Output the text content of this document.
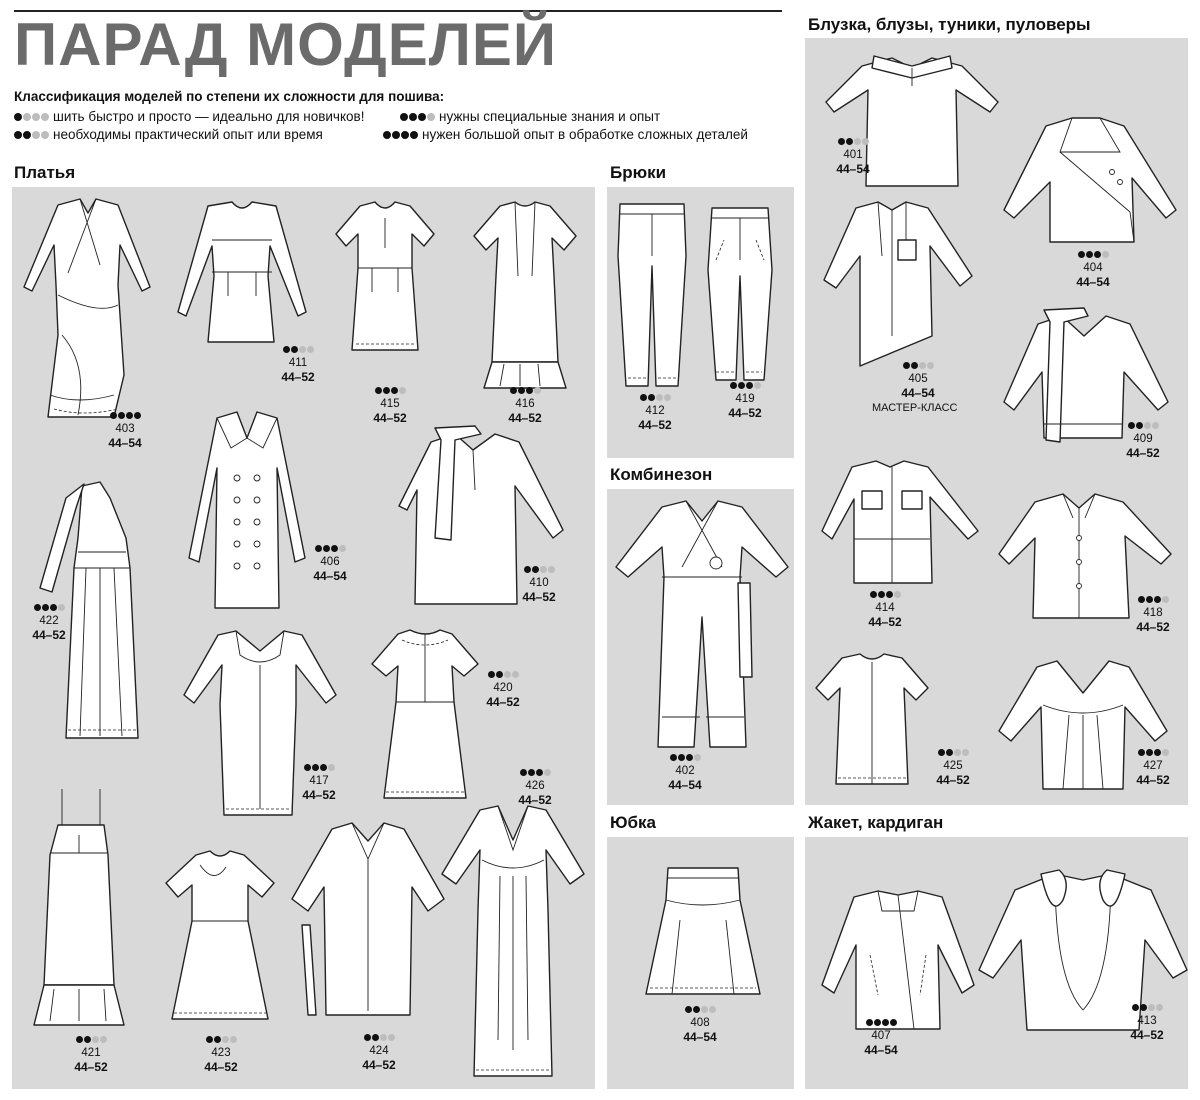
ПАРАД МОДЕЛЕЙ
Классификация моделей по степени их сложности для пошива:
шить быстро и просто — идеально для новичков!
необходимы практический опыт или время
нужны специальные знания и опыт
нужен большой опыт в обработке сложных деталей
Платья	Брюки
Комбинезон
Юбка
Блузка, блузы, туники, пуловеры
Жакет, кардиган
403
44–54
411
44–52
415
44–52
416
44–52
406
44–54	410
44–52
422
44–52
417
44–52
420
44–52
426
44–52
421
44–52
423
44–52
424
44–52
412
44–52
419
44–52
402
44–54
408
44–54
401
44–54
404
44–54
405
44–54
МАСТЕР-КЛАСС
409
44–52
414
44–52
418
44–52
425
44–52
427
44–52
407
44–54
413
44–52
